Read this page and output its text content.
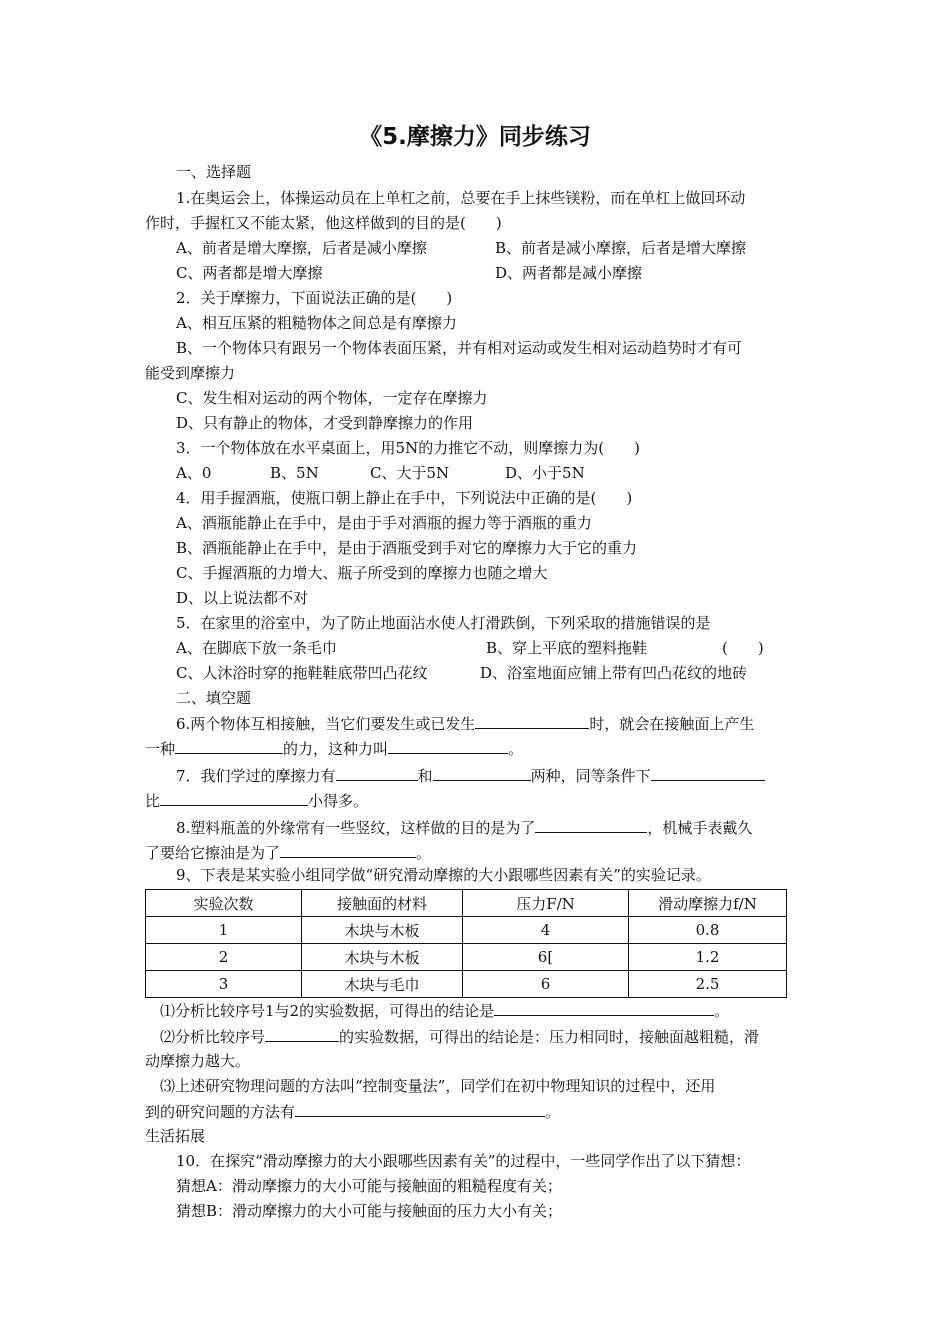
《5.摩擦力》同步练习
一、选择题
1.在奥运会上，体操运动员在上单杠之前，总要在手上抹些镁粉，而在单杠上做回环动
作时，手握杠又不能太紧，他这样做到的目的是(　　)
A、前者是增大摩擦，后者是减小摩擦	B、前者是减小摩擦，后者是增大摩擦
C、两者都是增大摩擦	D、两者都是减小摩擦
2．关于摩擦力，下面说法正确的是(　　)
A、相互压紧的粗糙物体之间总是有摩擦力
B、一个物体只有跟另一个物体表面压紧，并有相对运动或发生相对运动趋势时才有可
能受到摩擦力
C、发生相对运动的两个物体，一定存在摩擦力
D、只有静止的物体，才受到静摩擦力的作用
3．一个物体放在水平桌面上，用5N的力推它不动，则摩擦力为(　　)
A、0	B、5N	C、大于5N	D、小于5N
4．用手握酒瓶，使瓶口朝上静止在手中，下列说法中正确的是(　　)
A、酒瓶能静止在手中，是由于手对酒瓶的握力等于酒瓶的重力
B、酒瓶能静止在手中，是由于酒瓶受到手对它的摩擦力大于它的重力
C、手握酒瓶的力增大、瓶子所受到的摩擦力也随之增大
D、以上说法都不对
5．在家里的浴室中，为了防止地面沾水使人打滑跌倒，下列采取的措施错误的是
A、在脚底下放一条毛巾	B、穿上平底的塑料拖鞋	(　　)
C、人沐浴时穿的拖鞋鞋底带凹凸花纹	D、浴室地面应铺上带有凹凸花纹的地砖
二、填空题
6.两个物体互相接触，当它们要发生或已发生	时，就会在接触面上产生
一种	的力，这种力叫	。
7．我们学过的摩擦力有	和	两种，同等条件下
比	小得多。
8.塑料瓶盖的外缘常有一些竖纹，这样做的目的是为了	，机械手表戴久
了要给它擦油是为了	。
9、下表是某实验小组同学做“研究滑动摩擦的大小跟哪些因素有关”的实验记录。
实验次数	接触面的材料	压力F/N	滑动摩擦力f/N
1	木块与木板	4	0.8
2	木块与木板	6[	1.2
3	木块与毛巾	6	2.5
⑴分析比较序号1与2的实验数据，可得出的结论是	。
⑵分析比较序号	的实验数据，可得出的结论是：压力相同时，接触面越粗糙，滑
动摩擦力越大。
⑶上述研究物理问题的方法叫“控制变量法”，同学们在初中物理知识的过程中，还用
到的研究问题的方法有	。
生活拓展
10．在探究“滑动摩擦力的大小跟哪些因素有关”的过程中，一些同学作出了以下猜想：
猜想A：滑动摩擦力的大小可能与接触面的粗糙程度有关；
猜想B：滑动摩擦力的大小可能与接触面的压力大小有关；
